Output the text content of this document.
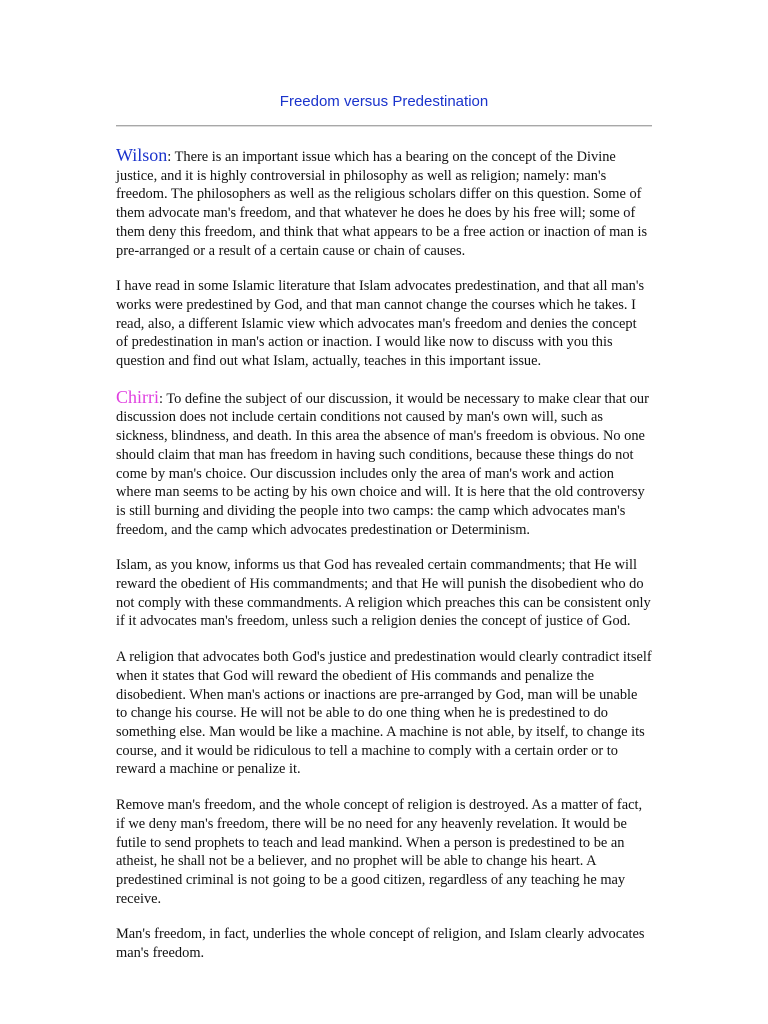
Freedom versus Predestination

Wilson: There is an important issue which has a bearing on the concept of the Divine justice, and it is highly controversial in philosophy as well as religion; namely: man's freedom. The philosophers as well as the religious scholars differ on this question. Some of them advocate man's freedom, and that whatever he does he does by his free will; some of them deny this freedom, and think that what appears to be a free action or inaction of man is pre-arranged or a result of a certain cause or chain of causes.

I have read in some Islamic literature that Islam advocates predestination, and that all man's works were predestined by God, and that man cannot change the courses which he takes. I read, also, a different Islamic view which advocates man's freedom and denies the concept of predestination in man's action or inaction. I would like now to discuss with you this question and find out what Islam, actually, teaches in this important issue.

Chirri: To define the subject of our discussion, it would be necessary to make clear that our discussion does not include certain conditions not caused by man's own will, such as sickness, blindness, and death. In this area the absence of man's freedom is obvious. No one should claim that man has freedom in having such conditions, because these things do not come by man's choice. Our discussion includes only the area of man's work and action where man seems to be acting by his own choice and will. It is here that the old controversy is still burning and dividing the people into two camps: the camp which advocates man's freedom, and the camp which advocates predestination or Determinism.

Islam, as you know, informs us that God has revealed certain commandments; that He will reward the obedient of His commandments; and that He will punish the disobedient who do not comply with these commandments. A religion which preaches this can be consistent only if it advocates man's freedom, unless such a religion denies the concept of justice of God.

A religion that advocates both God's justice and predestination would clearly contradict itself when it states that God will reward the obedient of His commands and penalize the disobedient. When man's actions or inactions are pre-arranged by God, man will be unable to change his course. He will not be able to do one thing when he is predestined to do something else. Man would be like a machine. A machine is not able, by itself, to change its course, and it would be ridiculous to tell a machine to comply with a certain order or to reward a machine or penalize it.

Remove man's freedom, and the whole concept of religion is destroyed. As a matter of fact, if we deny man's freedom, there will be no need for any heavenly revelation. It would be futile to send prophets to teach and lead mankind. When a person is predestined to be an atheist, he shall not be a believer, and no prophet will be able to change his heart. A predestined criminal is not going to be a good citizen, regardless of any teaching he may receive.

Man's freedom, in fact, underlies the whole concept of religion, and Islam clearly advocates man's freedom.
